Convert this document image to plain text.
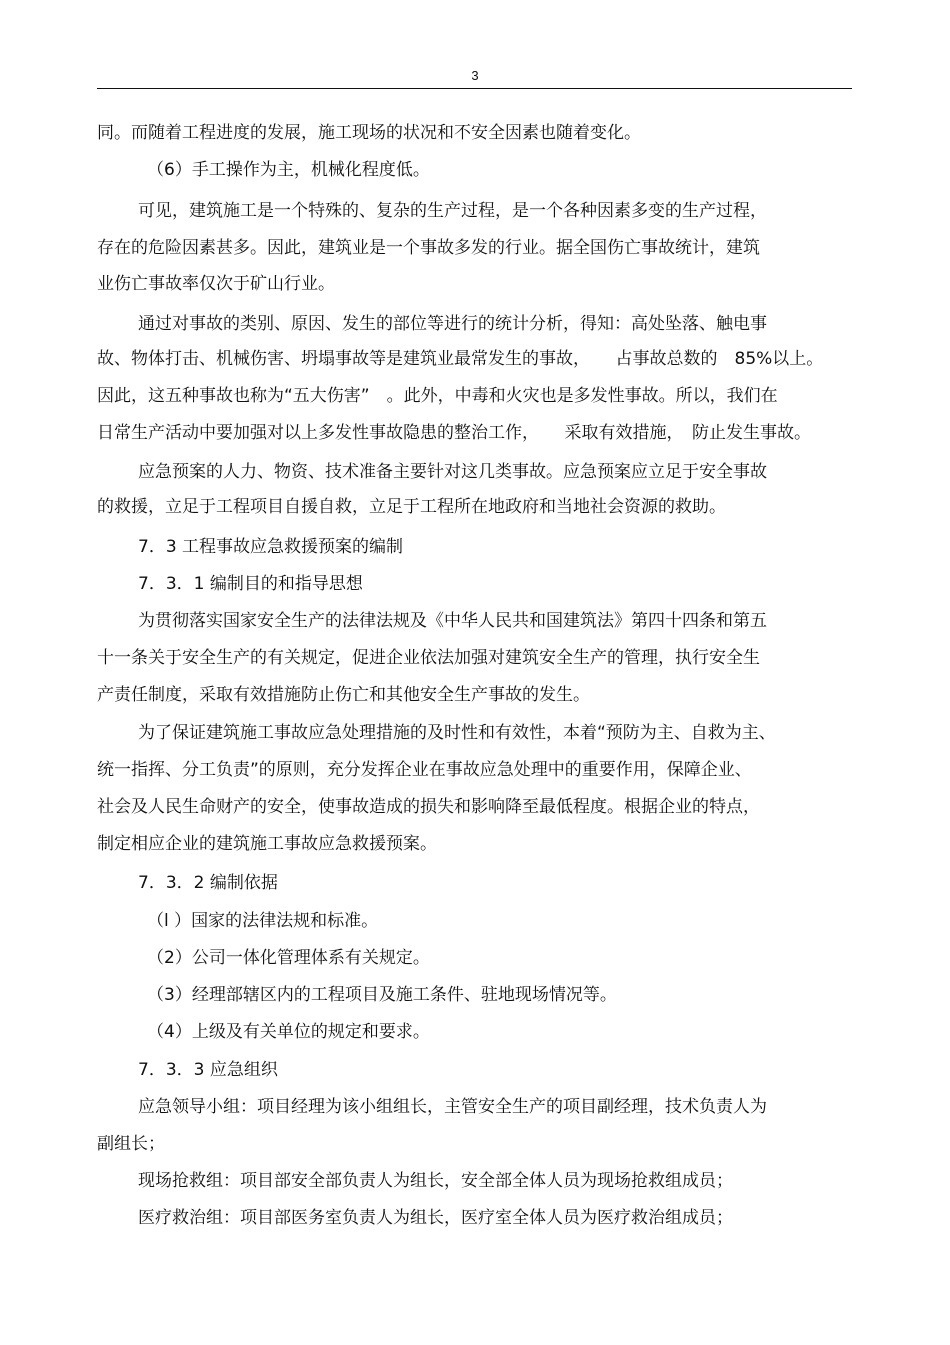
3
同。而随着工程进度的发展，施工现场的状况和不安全因素也随着变化。
（6）手工操作为主，机械化程度低。
可见，建筑施工是一个特殊的、复杂的生产过程，是一个各种因素多变的生产过程，
存在的危险因素甚多。因此，建筑业是一个事故多发的行业。据全国伤亡事故统计，建筑
业伤亡事故率仅次于矿山行业。
通过对事故的类别、原因、发生的部位等进行的统计分析，得知：高处坠落、触电事
故、物体打击、机械伤害、坍塌事故等是建筑业最常发生的事故，　　占事故总数的　85%以上。
因此，这五种事故也称为“五大伤害”　。此外，中毒和火灾也是多发性事故。所以，我们在
日常生产活动中要加强对以上多发性事故隐患的整治工作，　　采取有效措施，　防止发生事故。
应急预案的人力、物资、技术准备主要针对这几类事故。应急预案应立足于安全事故
的救援，立足于工程项目自援自救，立足于工程所在地政府和当地社会资源的救助。
7．3 工程事故应急救援预案的编制
7．3．1 编制目的和指导思想
为贯彻落实国家安全生产的法律法规及《中华人民共和国建筑法》第四十四条和第五
十一条关于安全生产的有关规定，促进企业依法加强对建筑安全生产的管理，执行安全生
产责任制度，采取有效措施防止伤亡和其他安全生产事故的发生。
为了保证建筑施工事故应急处理措施的及时性和有效性，本着“预防为主、自救为主、
统一指挥、分工负责”的原则，充分发挥企业在事故应急处理中的重要作用，保障企业、
社会及人民生命财产的安全，使事故造成的损失和影响降至最低程度。根据企业的特点，
制定相应企业的建筑施工事故应急救援预案。
7．3．2 编制依据
（l ）国家的法律法规和标准。
（2）公司一体化管理体系有关规定。
（3）经理部辖区内的工程项目及施工条件、驻地现场情况等。
（4）上级及有关单位的规定和要求。
7．3．3 应急组织
应急领导小组：项目经理为该小组组长，主管安全生产的项目副经理，技术负责人为
副组长；
现场抢救组：项目部安全部负责人为组长，安全部全体人员为现场抢救组成员；
医疗救治组：项目部医务室负责人为组长，医疗室全体人员为医疗救治组成员；
